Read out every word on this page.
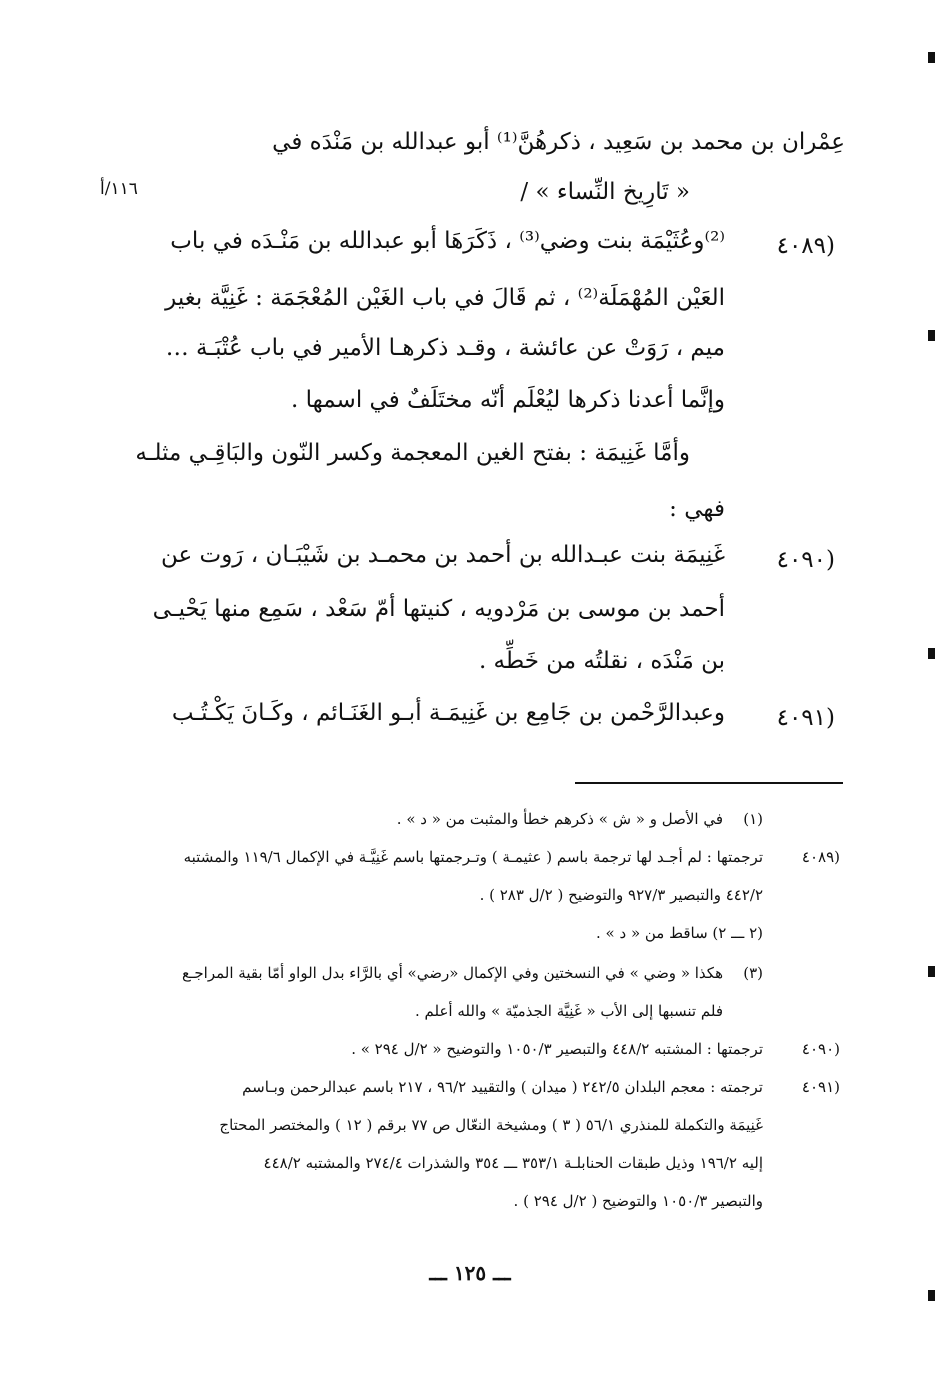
عِمْران بن محمد بن سَعِيد ، ذكرهُنَّ⁽¹⁾ أبو عبدالله بن مَنْدَه في
« تَارِيخ النِّساء » /
١١٦/أ
(٤٠٨٩
⁽²⁾وعُثَيْمَة بنت وضي⁽³⁾ ، ذَكَرَهَا أبو عبدالله بن مَنْـدَه في باب
العَيْن المُهْمَلَة⁽²⁾ ، ثم قَالَ في باب الغَيْن المُعْجَمَة : غَنِيَّة بغير
ميم ، رَوَتْ عن عائشة ، وقـد ذكرهـا الأمير في باب عُتْبَـة …
وإنَّما أعدنا ذكرها ليُعْلَم أنّه مختَلَفٌ في اسمها .
وأمَّا غَنِيمَة : بفتح الغين المعجمة وكسر النّون والبَاقِـي مثلـه
فهي :
(٤٠٩٠
غَنِيمَة بنت عبـدالله بن أحمد بن محمـد بن شَيْبَـان ، رَوت عن
أحمد بن موسى بن مَرْدويه ، كنيتها أمّ سَعْد ، سَمِع منها يَحْيـى
بن مَنْدَه ، نقلتُه من خَطِّه .
(٤٠٩١
وعبدالرَّحْمن بن جَامِع بن غَنِيمَـة أبـو الغَنَـائم ، وكَـانَ يَكْـتُـب
(١)
في الأصل و « ش » ذكرهم خطأ والمثبت من « د » .
(٤٠٨٩
ترجمتها : لم أجـد لها ترجمة باسم ( عثيمـة ) وتـرجمتها باسم غَنِيَّـة في الإكمال ١١٩/٦ والمشتبه
٤٤٢/٢ والتبصير ٩٢٧/٣ والتوضيح ( ٢/ل ٢٨٣ ) .
(٢ ـــ ٢) ساقط من « د » .
(٣)
هكذا « وضي » في النسختين وفي الإكمال «رضي» أي بالرَّاء بدل الواو أمّا بقية المراجـع
فلم تنسبها إلى الأب « غَنِيَّة الجذميّة » والله أعلم .
(٤٠٩٠
ترجمتها : المشتبه ٤٤٨/٢ والتبصير ١٠٥٠/٣ والتوضيح « ٢/ل ٢٩٤ » .
(٤٠٩١
ترجمته : معجم البلدان ٢٤٢/٥ ( ميدان ) والتقييد ٩٦/٢ ، ٢١٧ باسم عبدالرحمن وبـاسم
غَنِيمَة والتكملة للمنذري ٥٦/١ ( ٣ ) ومشيخة النعّال ص ٧٧ برقم ( ١٢ ) والمختصر المحتاج
إليه ١٩٦/٢ وذيل طبقات الحنابلـة ٣٥٣/١ ـــ ٣٥٤ والشذرات ٢٧٤/٤ والمشتبه ٤٤٨/٢
والتبصير ١٠٥٠/٣ والتوضيح ( ٢/ل ٢٩٤ ) .
ـــ ١٢٥ ـــ
